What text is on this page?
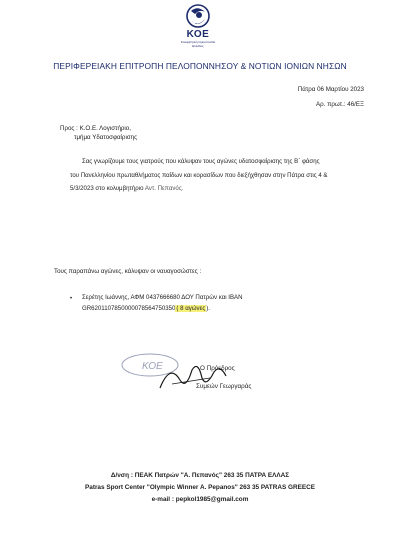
ΚΟΕ
Κολυμβητική Ομοσπονδία Ελλάδος
ΠΕΡΙΦΕΡΕΙΑΚΗ ΕΠΙΤΡΟΠΗ ΠΕΛΟΠΟΝΝΗΣΟΥ & ΝΟΤΙΩΝ ΙΟΝΙΩΝ ΝΗΣΩΝ
Πάτρα 06 Μαρτίου 2023
Αρ. πρωτ.: 46/ΕΞ
Προς : Κ.Ο.Ε. Λογιστήριο,
τμήμα Υδατοσφαίρισης
Σας γνωρίζουμε τους γιατρούς που κάλυψαν τους αγώνες υδατοσφαίρισης της Β΄ φάσης
του Πανελληνίου πρωταθλήματος παίδων και κορασίδων που διεξήχθησαν στην Πάτρα στις 4 &
5/3/2023 στο κολυμβητήριο Αντ. Πεπανός.
Τους παραπάνω αγώνες, κάλυψαν οι ναυαγοσώστες :
• Σερέτης Ιωάννης, ΑΦΜ 0437666680 ΔΟΥ Πατρών και IBAN
GR6201107850000078564750350( 8 αγώνες).
ΚΟΕ	Ο Πρόεδρος
Συμεών Γεωργαράς
Δ/νση : ΠΕΑΚ Πατρών "Α. Πεπανός" 263 35 ΠΑΤΡΑ ΕΛΛΑΣ
Patras Sport Center "Olympic Winner A. Pepanos" 263 35 PATRAS GREECE
e-mail : pepkol1985@gmail.com
